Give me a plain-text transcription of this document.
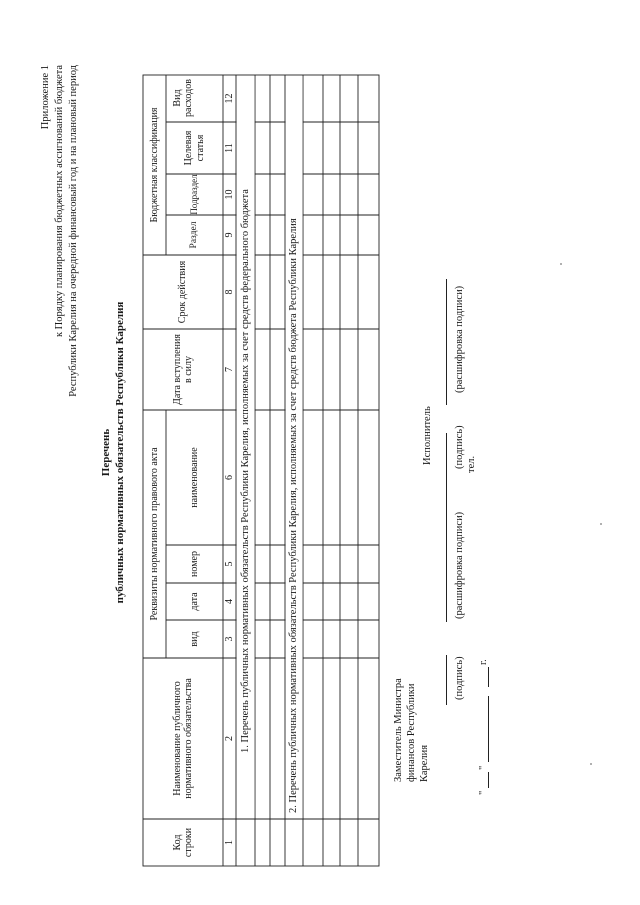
Приложение 1 к Порядку планирования бюджетных ассигнований бюджета Республики Карелия на очередной финансовый год и на плановый период
Перечень публичных нормативных обязательств Республики Карелия
Код строки
Наименование публичного нормативного обязательства
Реквизиты нормативного правового акта
вид
дата
номер
наименование
Дата вступления в силу
Срок действия
Бюджетная классификация
Раздел
Подраздел
Целевая статья
Вид расходов
1
2
3
4
5
6
7
8
9
10
11
12
1. Перечень публичных нормативных обязательств Республики Карелия, исполняемых за счет средств федерального бюджета	2. Перечень публичных нормативных обязательств Республики Карелия, исполняемых за счет средств бюджета Республики Карелия	Заместитель Министра финансов Республики Карелия
(подпись)
(расшифровка подписи)
Исполнитель (подпись)
(расшифровка подписи)
тел.
"
"
г.
